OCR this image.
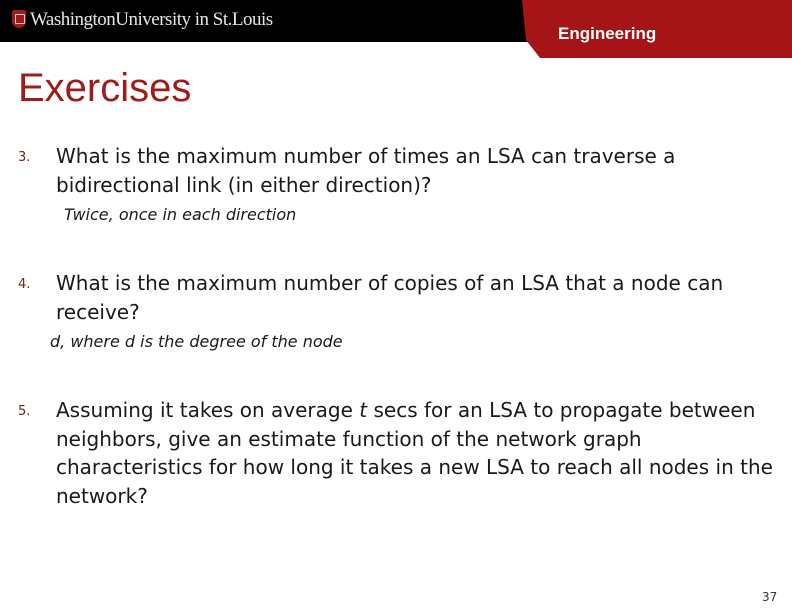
WashingtonUniversity in St.Louis
Engineering
Exercises
3. What is the maximum number of times an LSA can traverse a bidirectional link (in either direction)?
Twice, once in each direction
4. What is the maximum number of copies of an LSA that a node can receive?
d, where d is the degree of the node
5. Assuming it takes on average t secs for an LSA to propagate between neighbors, give an estimate function of the network graph characteristics for how long it takes a new LSA to reach all nodes in the network?
37
